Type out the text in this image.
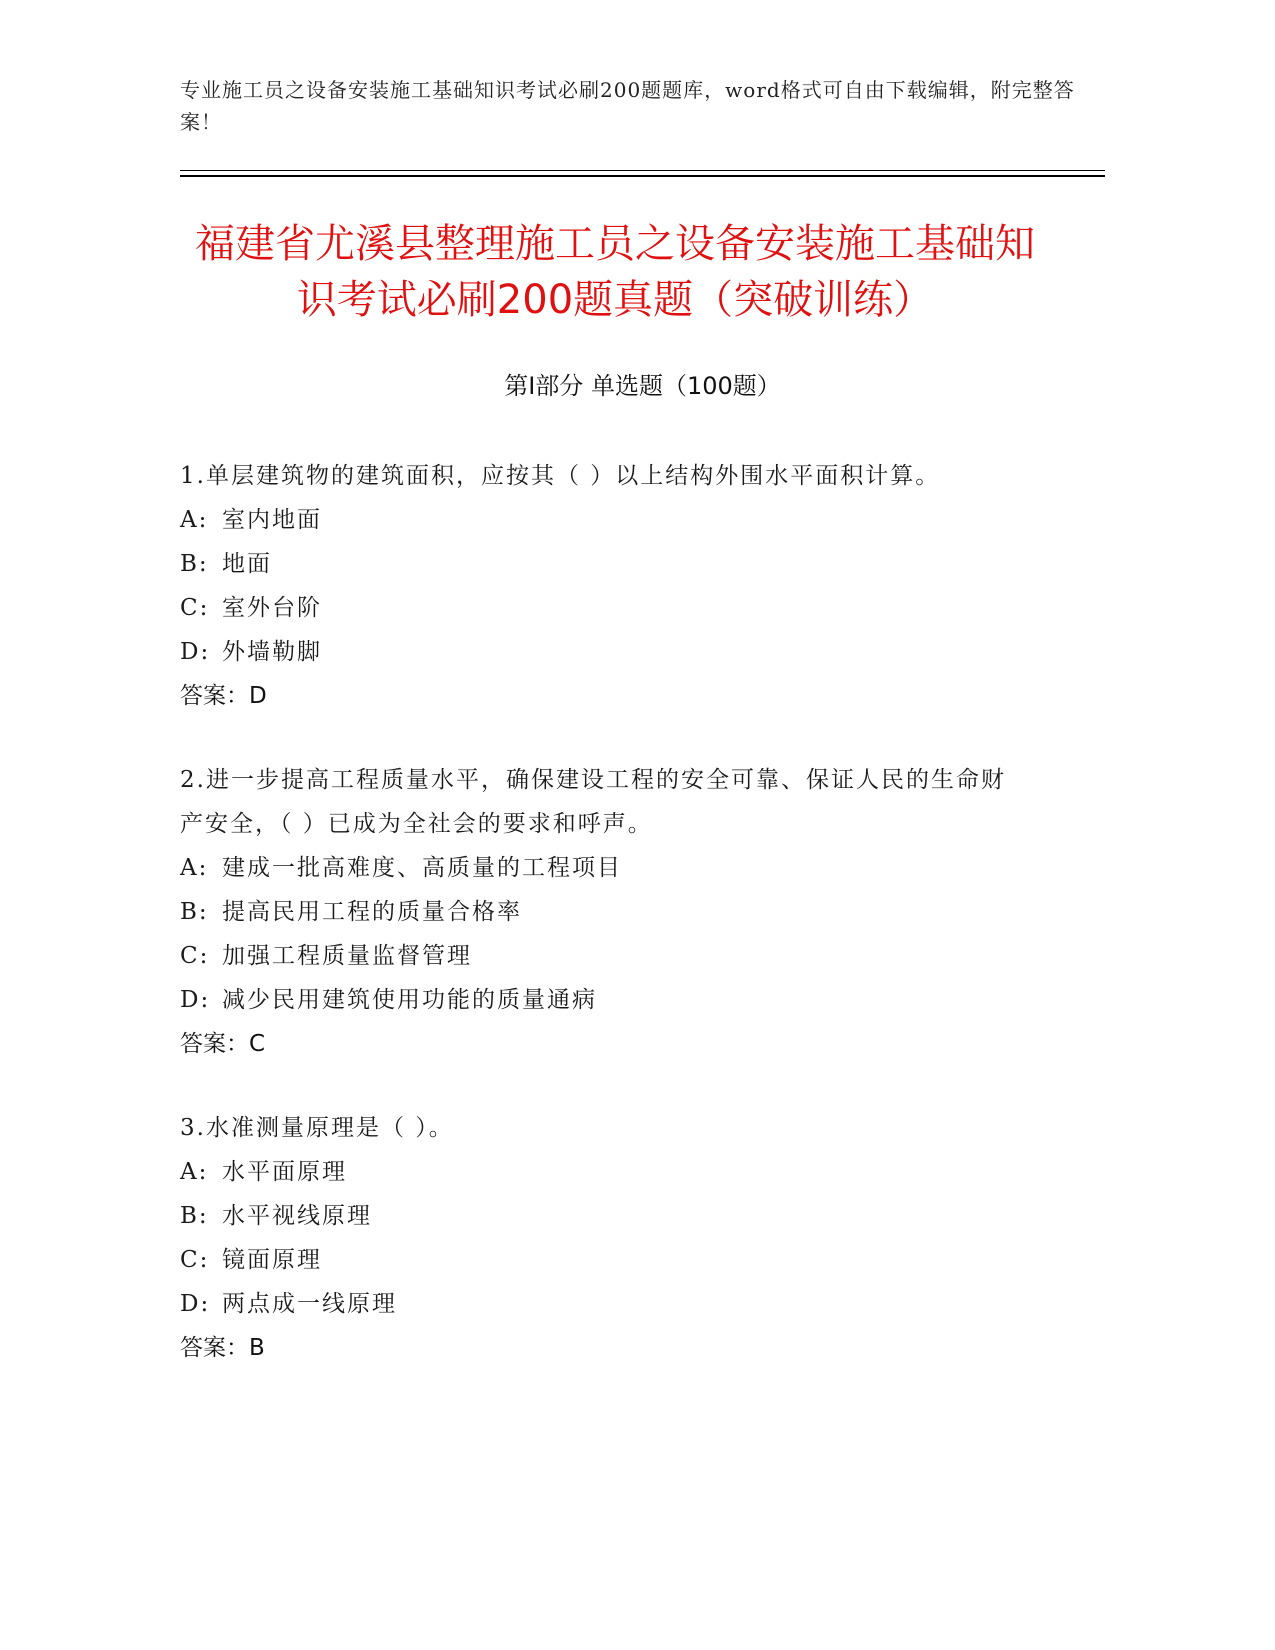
专业施工员之设备安装施工基础知识考试必刷200题题库，word格式可自由下载编辑，附完整答案！
福建省尤溪县整理施工员之设备安装施工基础知识考试必刷200题真题（突破训练）
第Ⅰ部分 单选题（100题）

1.单层建筑物的建筑面积，应按其（ ）以上结构外围水平面积计算。

A: 室内地面

B: 地面

C: 室外台阶

D: 外墙勒脚

答案：D

2.进一步提高工程质量水平，确保建设工程的安全可靠、保证人民的生命财产安全，（ ）已成为全社会的要求和呼声。

A: 建成一批高难度、高质量的工程项目

B: 提高民用工程的质量合格率

C: 加强工程质量监督管理

D: 减少民用建筑使用功能的质量通病

答案：C

3.水准测量原理是（ ）。

A: 水平面原理

B: 水平视线原理

C: 镜面原理

D: 两点成一线原理

答案：B
